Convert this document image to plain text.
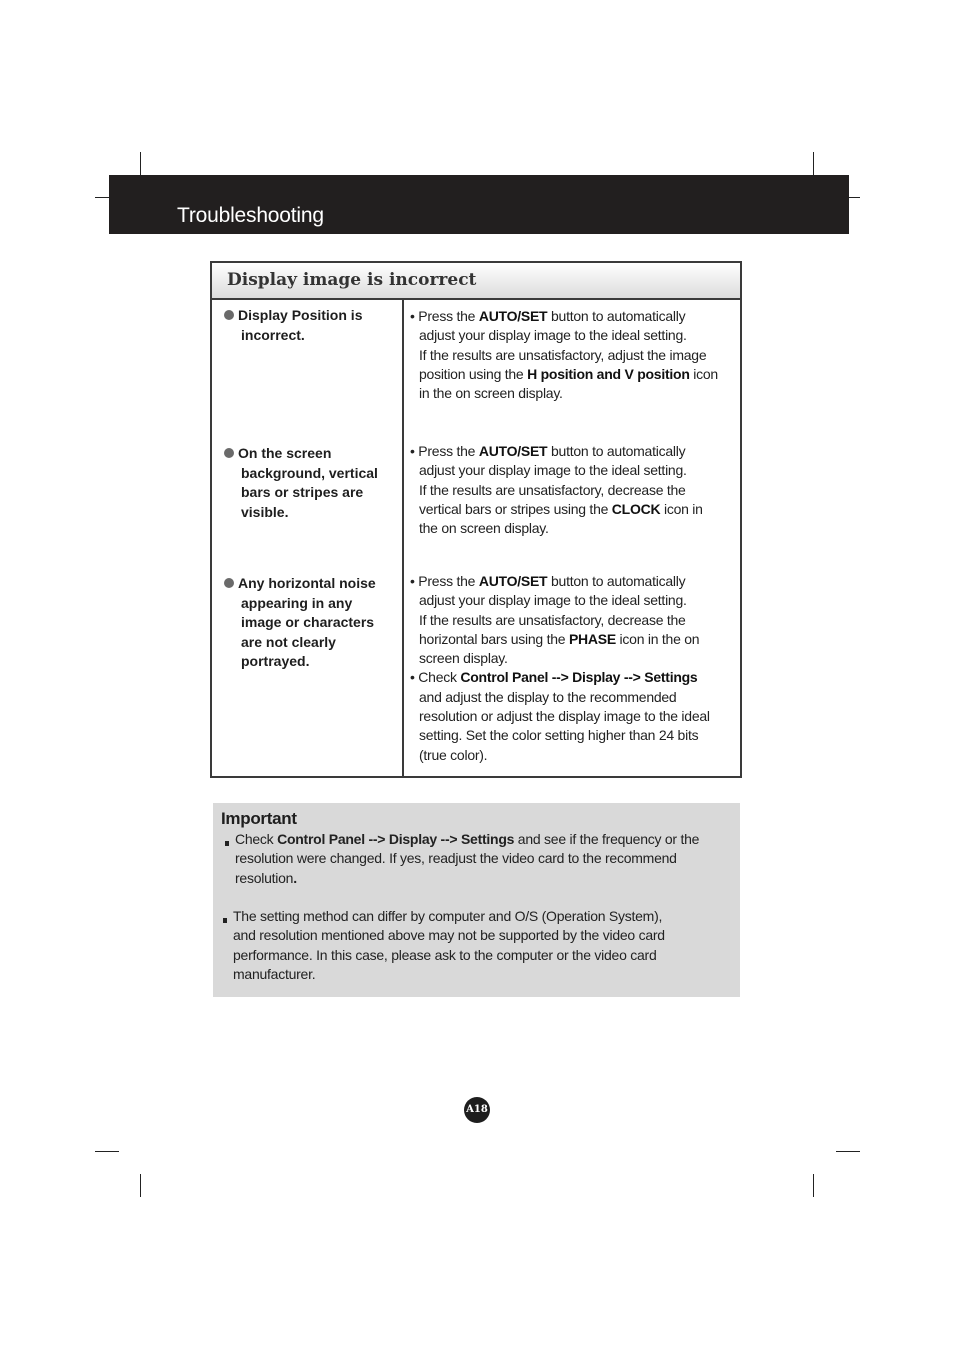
Troubleshooting
Display image is incorrect
Display Position is

incorrect.
• Press the AUTO/SET button to automatically
adjust your display image to the ideal setting.
If the results are unsatisfactory, adjust the image
position using the H position and V position icon
in the on screen display.
On the screen

background, vertical
bars or stripes are
visible.
• Press the AUTO/SET button to automatically
adjust your display image to the ideal setting.
If the results are unsatisfactory, decrease the
vertical bars or stripes using the CLOCK icon in
the on screen display.
Any horizontal noise

appearing in any
image or characters
are not clearly
portrayed.
• Press the AUTO/SET button to automatically
adjust your display image to the ideal setting.
If the results are unsatisfactory, decrease the
horizontal bars using the PHASE icon in the on
screen display.
• Check Control Panel --> Display --> Settings
and adjust the display to the recommended
resolution or adjust the display image to the ideal
setting. Set the color setting higher than 24 bits
(true color).
Important
Check Control Panel --> Display --> Settings and see if the frequency or the
resolution were changed. If yes, readjust the video card to the recommend
resolution.
The setting method can differ by computer and O/S (Operation System),
and resolution mentioned above may not be supported by the video card
performance. In this case, please ask to the computer or the video card
manufacturer.
A18
